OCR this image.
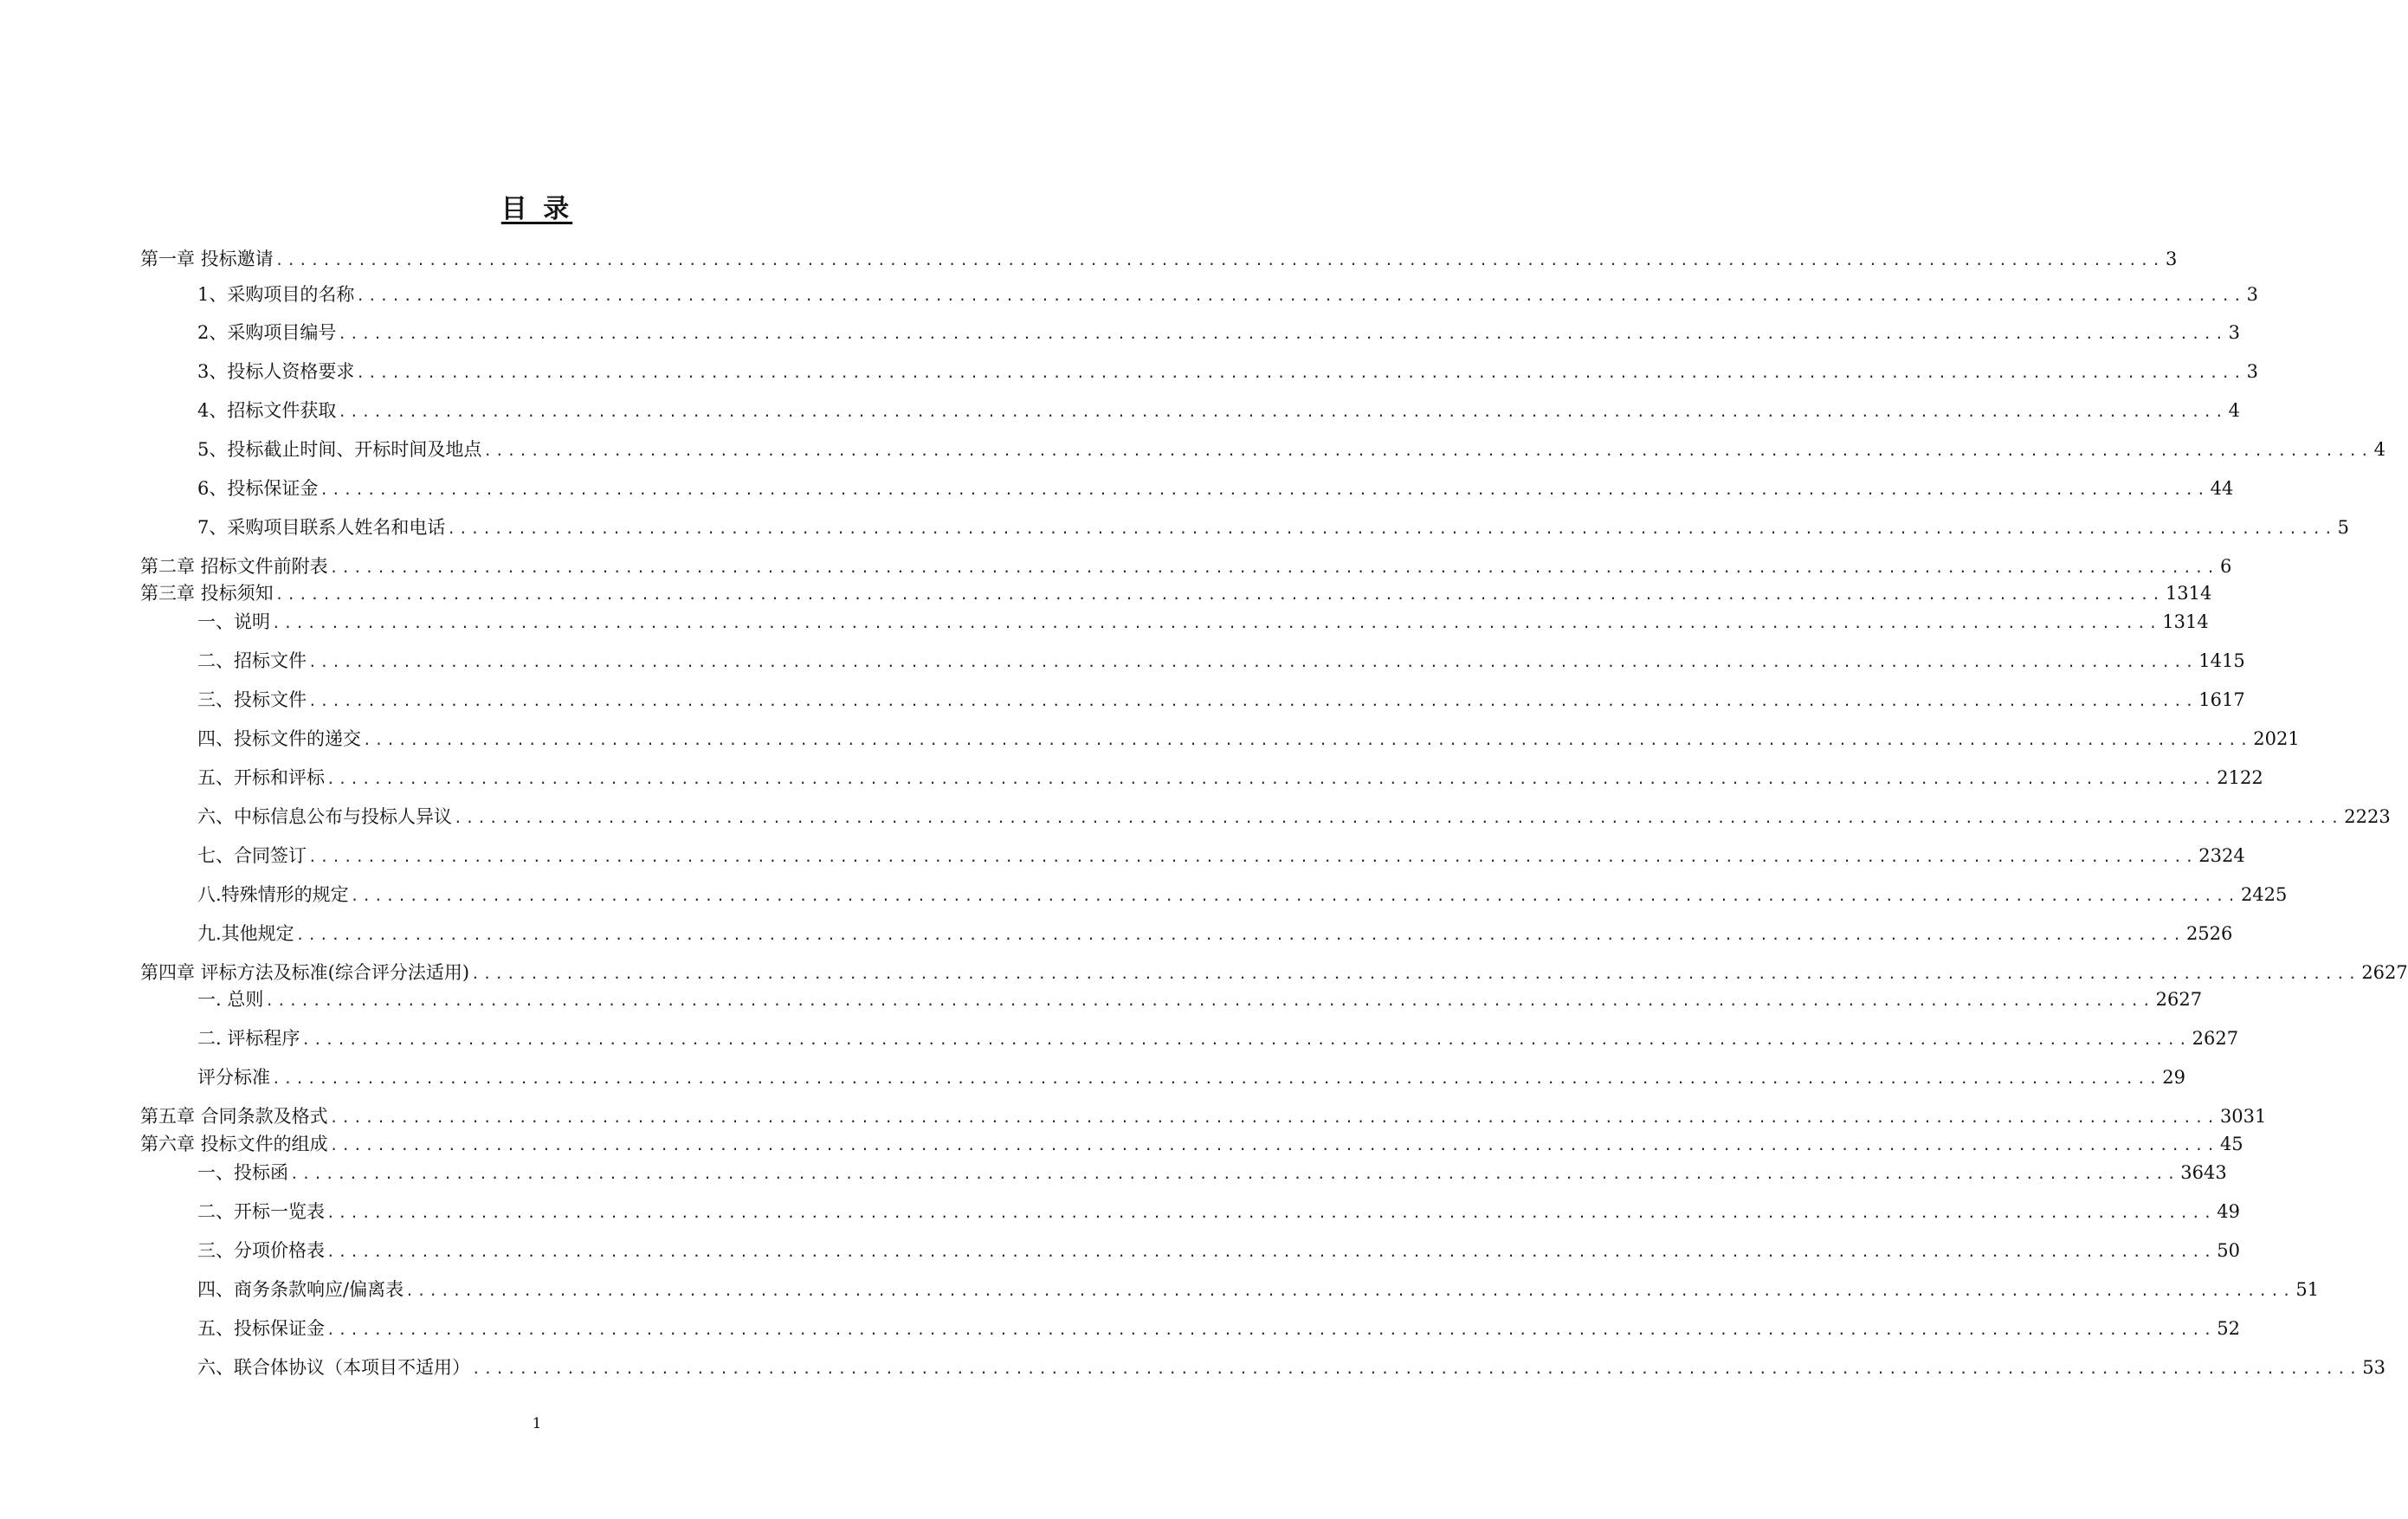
目 录
第一章 投标邀请 ................................................................................................................................................................ 3
1、采购项目的名称 ................................................................................................................................................................ 3
2、采购项目编号 ................................................................................................................................................................ 3
3、投标人资格要求 ................................................................................................................................................................ 3
4、招标文件获取 ................................................................................................................................................................ 4
5、投标截止时间、开标时间及地点 ................................................................................................................................................................ 4
6、投标保证金 ................................................................................................................................................................ 44
7、采购项目联系人姓名和电话 ................................................................................................................................................................ 5
第二章 招标文件前附表 ................................................................................................................................................................ 6
第三章 投标须知 ................................................................................................................................................................ 1314
一、说明 ................................................................................................................................................................ 1314
二、招标文件 ................................................................................................................................................................ 1415
三、投标文件 ................................................................................................................................................................ 1617
四、投标文件的递交 ................................................................................................................................................................ 2021
五、开标和评标 ................................................................................................................................................................ 2122
六、中标信息公布与投标人异议 ................................................................................................................................................................ 2223
七、合同签订 ................................................................................................................................................................ 2324
八.特殊情形的规定 ................................................................................................................................................................ 2425
九.其他规定 ................................................................................................................................................................ 2526
第四章 评标方法及标准(综合评分法适用) ................................................................................................................................................................ 2627
一. 总则 ................................................................................................................................................................ 2627
二. 评标程序 ................................................................................................................................................................ 2627
评分标准 ................................................................................................................................................................ 29
第五章 合同条款及格式 ................................................................................................................................................................ 3031
第六章 投标文件的组成 ................................................................................................................................................................ 45
一、投标函 ................................................................................................................................................................ 3643
二、开标一览表 ................................................................................................................................................................ 49
三、分项价格表 ................................................................................................................................................................ 50
四、商务条款响应/偏离表 ................................................................................................................................................................ 51
五、投标保证金 ................................................................................................................................................................ 52
六、联合体协议（本项目不适用） ................................................................................................................................................................ 53
1
